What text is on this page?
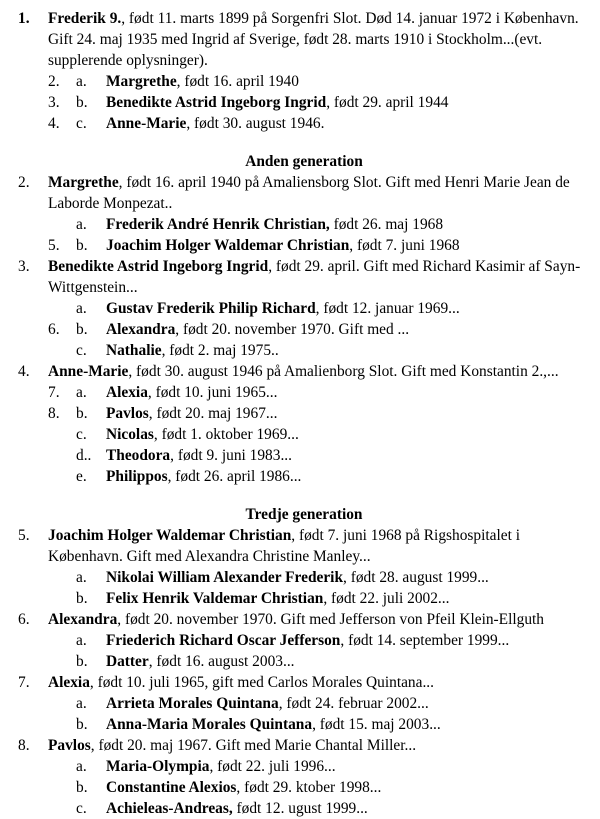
1.	Frederik 9., født 11. marts 1899 på Sorgenfri Slot. Død 14. januar 1972 i København. Gift 24. maj 1935 med Ingrid af Sverige, født 28. marts 1910 i Stockholm...(evt. supplerende oplysninger).
2.	a. Margrethe, født 16. april 1940
3.	b. Benedikte Astrid Ingeborg Ingrid, født 29. april 1944
4.	c. Anne-Marie, født 30. august 1946.
Anden generation
2.	Margrethe, født 16. april 1940 på Amaliensborg Slot. Gift med Henri Marie Jean de Laborde Monpezat..
a. Frederik André Henrik Christian, født 26. maj 1968
5.	b. Joachim Holger Waldemar Christian, født 7. juni 1968
3.	Benedikte Astrid Ingeborg Ingrid, født 29. april. Gift med Richard Kasimir af Sayn-Wittgenstein...
a. Gustav Frederik Philip Richard, født 12. januar 1969...
6.	b. Alexandra, født 20. november 1970. Gift med ...
c. Nathalie, født 2. maj 1975..
4.	Anne-Marie, født 30. august 1946 på Amalienborg Slot. Gift med Konstantin 2.,...
7.	a. Alexia, født 10. juni 1965...
8.	b. Pavlos, født 20. maj 1967...
c. Nicolas, født 1. oktober 1969...
d.. Theodora, født 9. juni 1983...
e. Philippos, født 26. april 1986...
Tredje generation
5.	Joachim Holger Waldemar Christian, født 7. juni 1968 på Rigshospitalet i København. Gift med Alexandra Christine Manley...
a. Nikolai William Alexander Frederik, født 28. august 1999...
b. Felix Henrik Valdemar Christian, født 22. juli 2002...
6.	Alexandra, født 20. november 1970. Gift med Jefferson von Pfeil Klein-Ellguth
a. Friederich Richard Oscar Jefferson, født 14. september 1999...
b. Datter, født 16. august 2003...
7.	Alexia, født 10. juli 1965, gift med Carlos Morales Quintana...
a. Arrieta Morales Quintana, født 24. februar 2002...
b. Anna-Maria Morales Quintana, født 15. maj 2003...
8.	Pavlos, født 20. maj 1967. Gift med Marie Chantal Miller...
a. Maria-Olympia, født 22. juli 1996...
b. Constantine Alexios, født 29. ktober 1998...
c. Achieleas-Andreas, født 12. ugust 1999...
